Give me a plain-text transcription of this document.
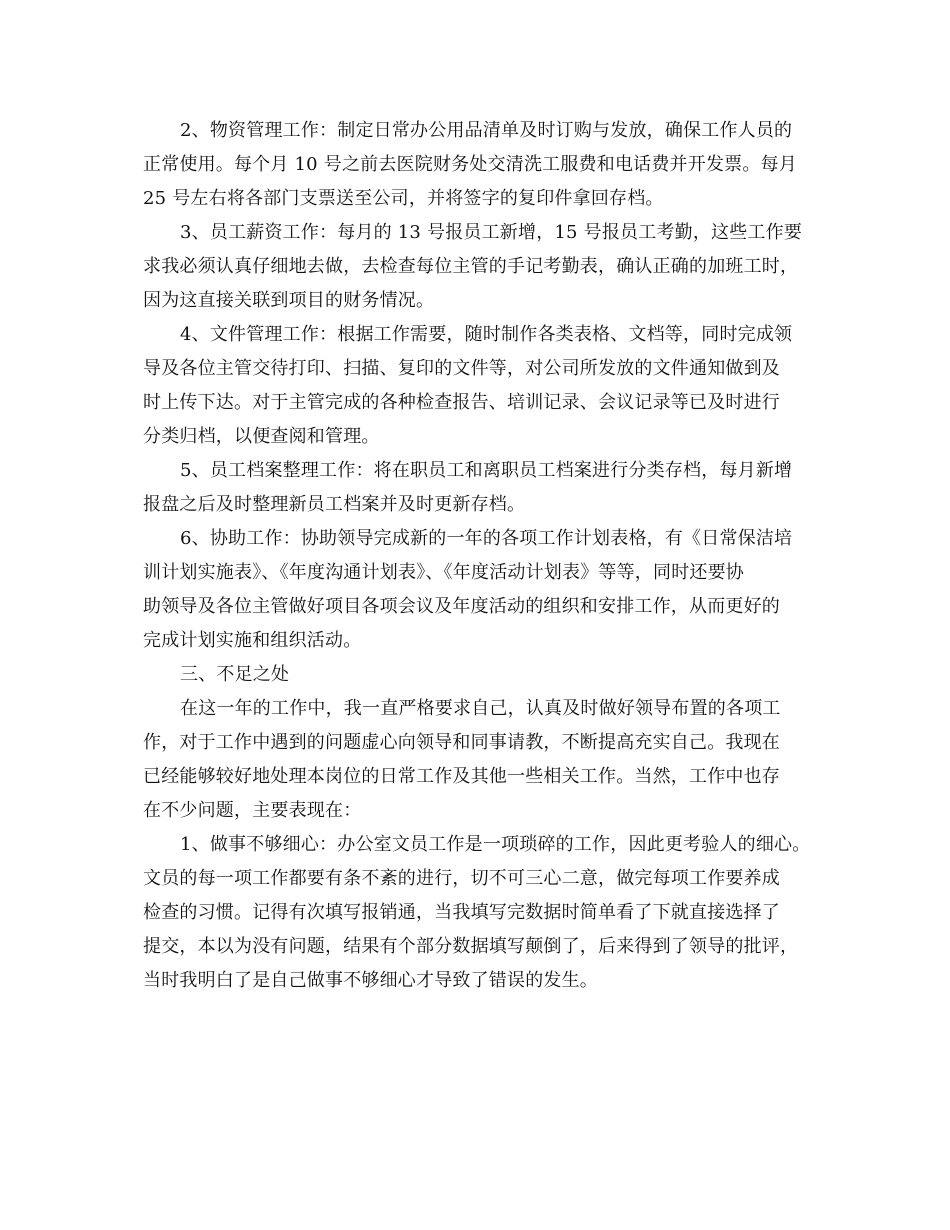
2、物资管理工作：制定日常办公用品清单及时订购与发放，确保工作人员的
正常使用。每个月 10 号之前去医院财务处交清洗工服费和电话费并开发票。每月
25 号左右将各部门支票送至公司，并将签字的复印件拿回存档。
3、员工薪资工作：每月的 13 号报员工新增，15 号报员工考勤，这些工作要
求我必须认真仔细地去做，去检查每位主管的手记考勤表，确认正确的加班工时，
因为这直接关联到项目的财务情况。
4、文件管理工作：根据工作需要，随时制作各类表格、文档等，同时完成领
导及各位主管交待打印、扫描、复印的文件等，对公司所发放的文件通知做到及
时上传下达。对于主管完成的各种检查报告、培训记录、会议记录等已及时进行
分类归档，以便查阅和管理。
5、员工档案整理工作：将在职员工和离职员工档案进行分类存档，每月新增
报盘之后及时整理新员工档案并及时更新存档。
6、协助工作：协助领导完成新的一年的各项工作计划表格，有《日常保洁培
训计划实施表》、《年度沟通计划表》、《年度活动计划表》等等，同时还要协
助领导及各位主管做好项目各项会议及年度活动的组织和安排工作，从而更好的
完成计划实施和组织活动。
三、不足之处
在这一年的工作中，我一直严格要求自己，认真及时做好领导布置的各项工
作，对于工作中遇到的问题虚心向领导和同事请教，不断提高充实自己。我现在
已经能够较好地处理本岗位的日常工作及其他一些相关工作。当然，工作中也存
在不少问题，主要表现在：
1、做事不够细心：办公室文员工作是一项琐碎的工作，因此更考验人的细心。
文员的每一项工作都要有条不紊的进行，切不可三心二意，做完每项工作要养成
检查的习惯。记得有次填写报销通，当我填写完数据时简单看了下就直接选择了
提交，本以为没有问题，结果有个部分数据填写颠倒了，后来得到了领导的批评，
当时我明白了是自己做事不够细心才导致了错误的发生。
